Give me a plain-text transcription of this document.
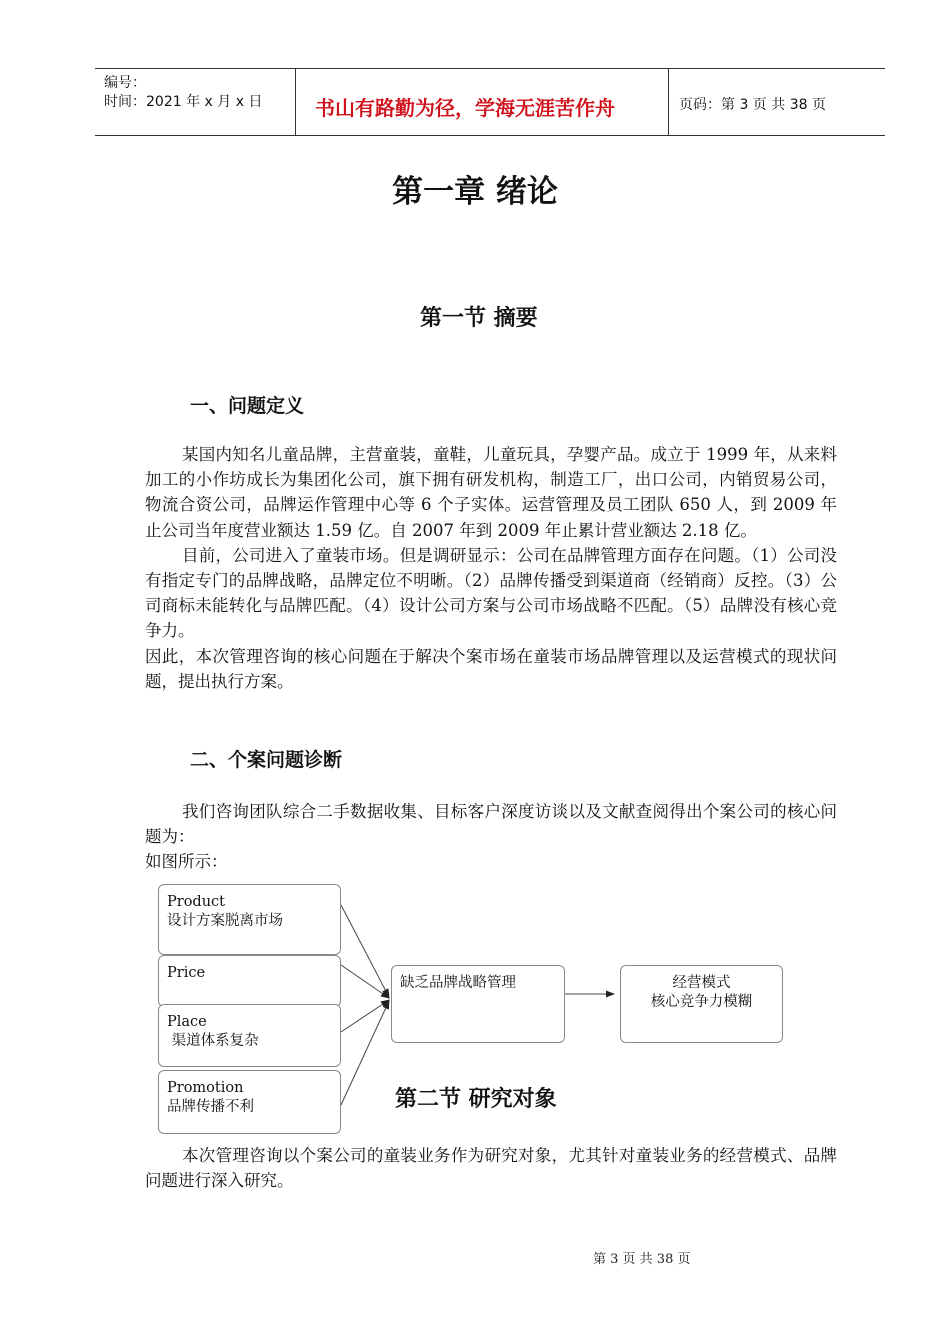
编号：
时间：2021 年 x 月 x 日	书山有路勤为径，学海无涯苦作舟	页码：第 3 页 共 38 页
第一章 绪论
第一节 摘要
一、问题定义

某国内知名儿童品牌，主营童装，童鞋，儿童玩具，孕婴产品。成立于 1999 年，从来料加工的小作坊成长为集团化公司，旗下拥有研发机构，制造工厂，出口公司，内销贸易公司，物流合资公司，品牌运作管理中心等 6 个子实体。运营管理及员工团队 650 人，到 2009 年止公司当年度营业额达 1.59 亿。自 2007 年到 2009 年止累计营业额达 2.18 亿。

目前，公司进入了童装市场。但是调研显示：公司在品牌管理方面存在问题。（1）公司没有指定专门的品牌战略，品牌定位不明晰。（2）品牌传播受到渠道商（经销商）反控。（3）公司商标未能转化与品牌匹配。（4）设计公司方案与公司市场战略不匹配。（5）品牌没有核心竞争力。

因此，本次管理咨询的核心问题在于解决个案市场在童装市场品牌管理以及运营模式的现状问题，提出执行方案。

二、个案问题诊断

我们咨询团队综合二手数据收集、目标客户深度访谈以及文献查阅得出个案公司的核心问题为：

如图所示：

Product
设计方案脱离市场
Price
Place
渠道体系复杂
Promotion
品牌传播不利
缺乏品牌战略管理	经营模式
核心竞争力模糊
第二节 研究对象

本次管理咨询以个案公司的童装业务作为研究对象，尤其针对童装业务的经营模式、品牌问题进行深入研究。

第 3 页 共 38 页
